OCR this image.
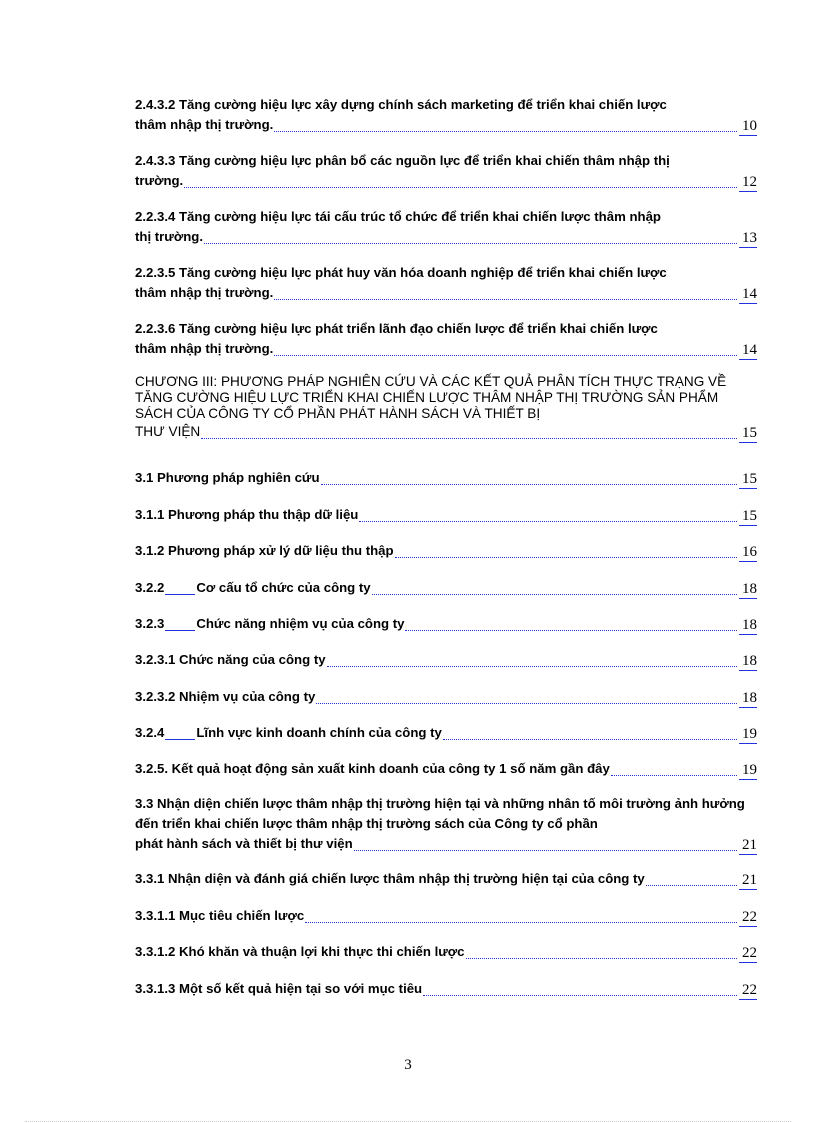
2.4.3.2 Tăng cường hiệu lực xây dựng chính sách marketing để triển khai chiến lược
thâm nhập thị trường.	10
2.4.3.3 Tăng cường hiệu lực phân bổ các nguồn lực để triển khai chiến thâm nhập thị
trường.	12
2.2.3.4 Tăng cường hiệu lực tái cấu trúc tổ chức để triển khai chiến lược thâm nhập
thị trường.	13
2.2.3.5 Tăng cường hiệu lực phát huy văn hóa doanh nghiệp để triển khai chiến lược
thâm nhập thị trường.	14
2.2.3.6 Tăng cường hiệu lực phát triển lãnh đạo chiến lược để triển khai chiến lược
thâm nhập thị trường.	14
CHƯƠNG III: PHƯƠNG PHÁP NGHIÊN CỨU VÀ CÁC KẾT QUẢ PHÂN TÍCH THỰC TRẠNG VỀ TĂNG CƯỜNG HIỆU LỰC TRIỂN KHAI CHIẾN LƯỢC THÂM NHẬP THỊ TRƯỜNG SẢN PHẨM SÁCH CỦA CÔNG TY CỔ PHẦN PHÁT HÀNH SÁCH VÀ THIẾT BỊ
THƯ VIỆN	15
3.1 Phương pháp nghiên cứu	15
3.1.1 Phương pháp thu thập dữ liệu	15
3.1.2 Phương pháp xử lý dữ liệu thu thập	16
3.2.2 Cơ cấu tổ chức của công ty	18
3.2.3 Chức năng nhiệm vụ của công ty	18
3.2.3.1 Chức năng của công ty	18
3.2.3.2 Nhiệm vụ của công ty	18
3.2.4 Lĩnh vực kinh doanh chính của công ty	19
3.2.5. Kết quả hoạt động sản xuất kinh doanh của công ty 1 số năm gần đây	19
3.3 Nhận diện chiến lược thâm nhập thị trường hiện tại và những nhân tố môi trường ảnh hưởng đến triển khai chiến lược thâm nhập thị trường sách của Công ty cổ phần
phát hành sách và thiết bị thư viện	21
3.3.1 Nhận diện và đánh giá chiến lược thâm nhập thị trường hiện tại của công ty	21
3.3.1.1 Mục tiêu chiến lược	22
3.3.1.2 Khó khăn và thuận lợi khi thực thi chiến lược	22
3.3.1.3 Một số kết quả hiện tại so với mục tiêu	22
3
